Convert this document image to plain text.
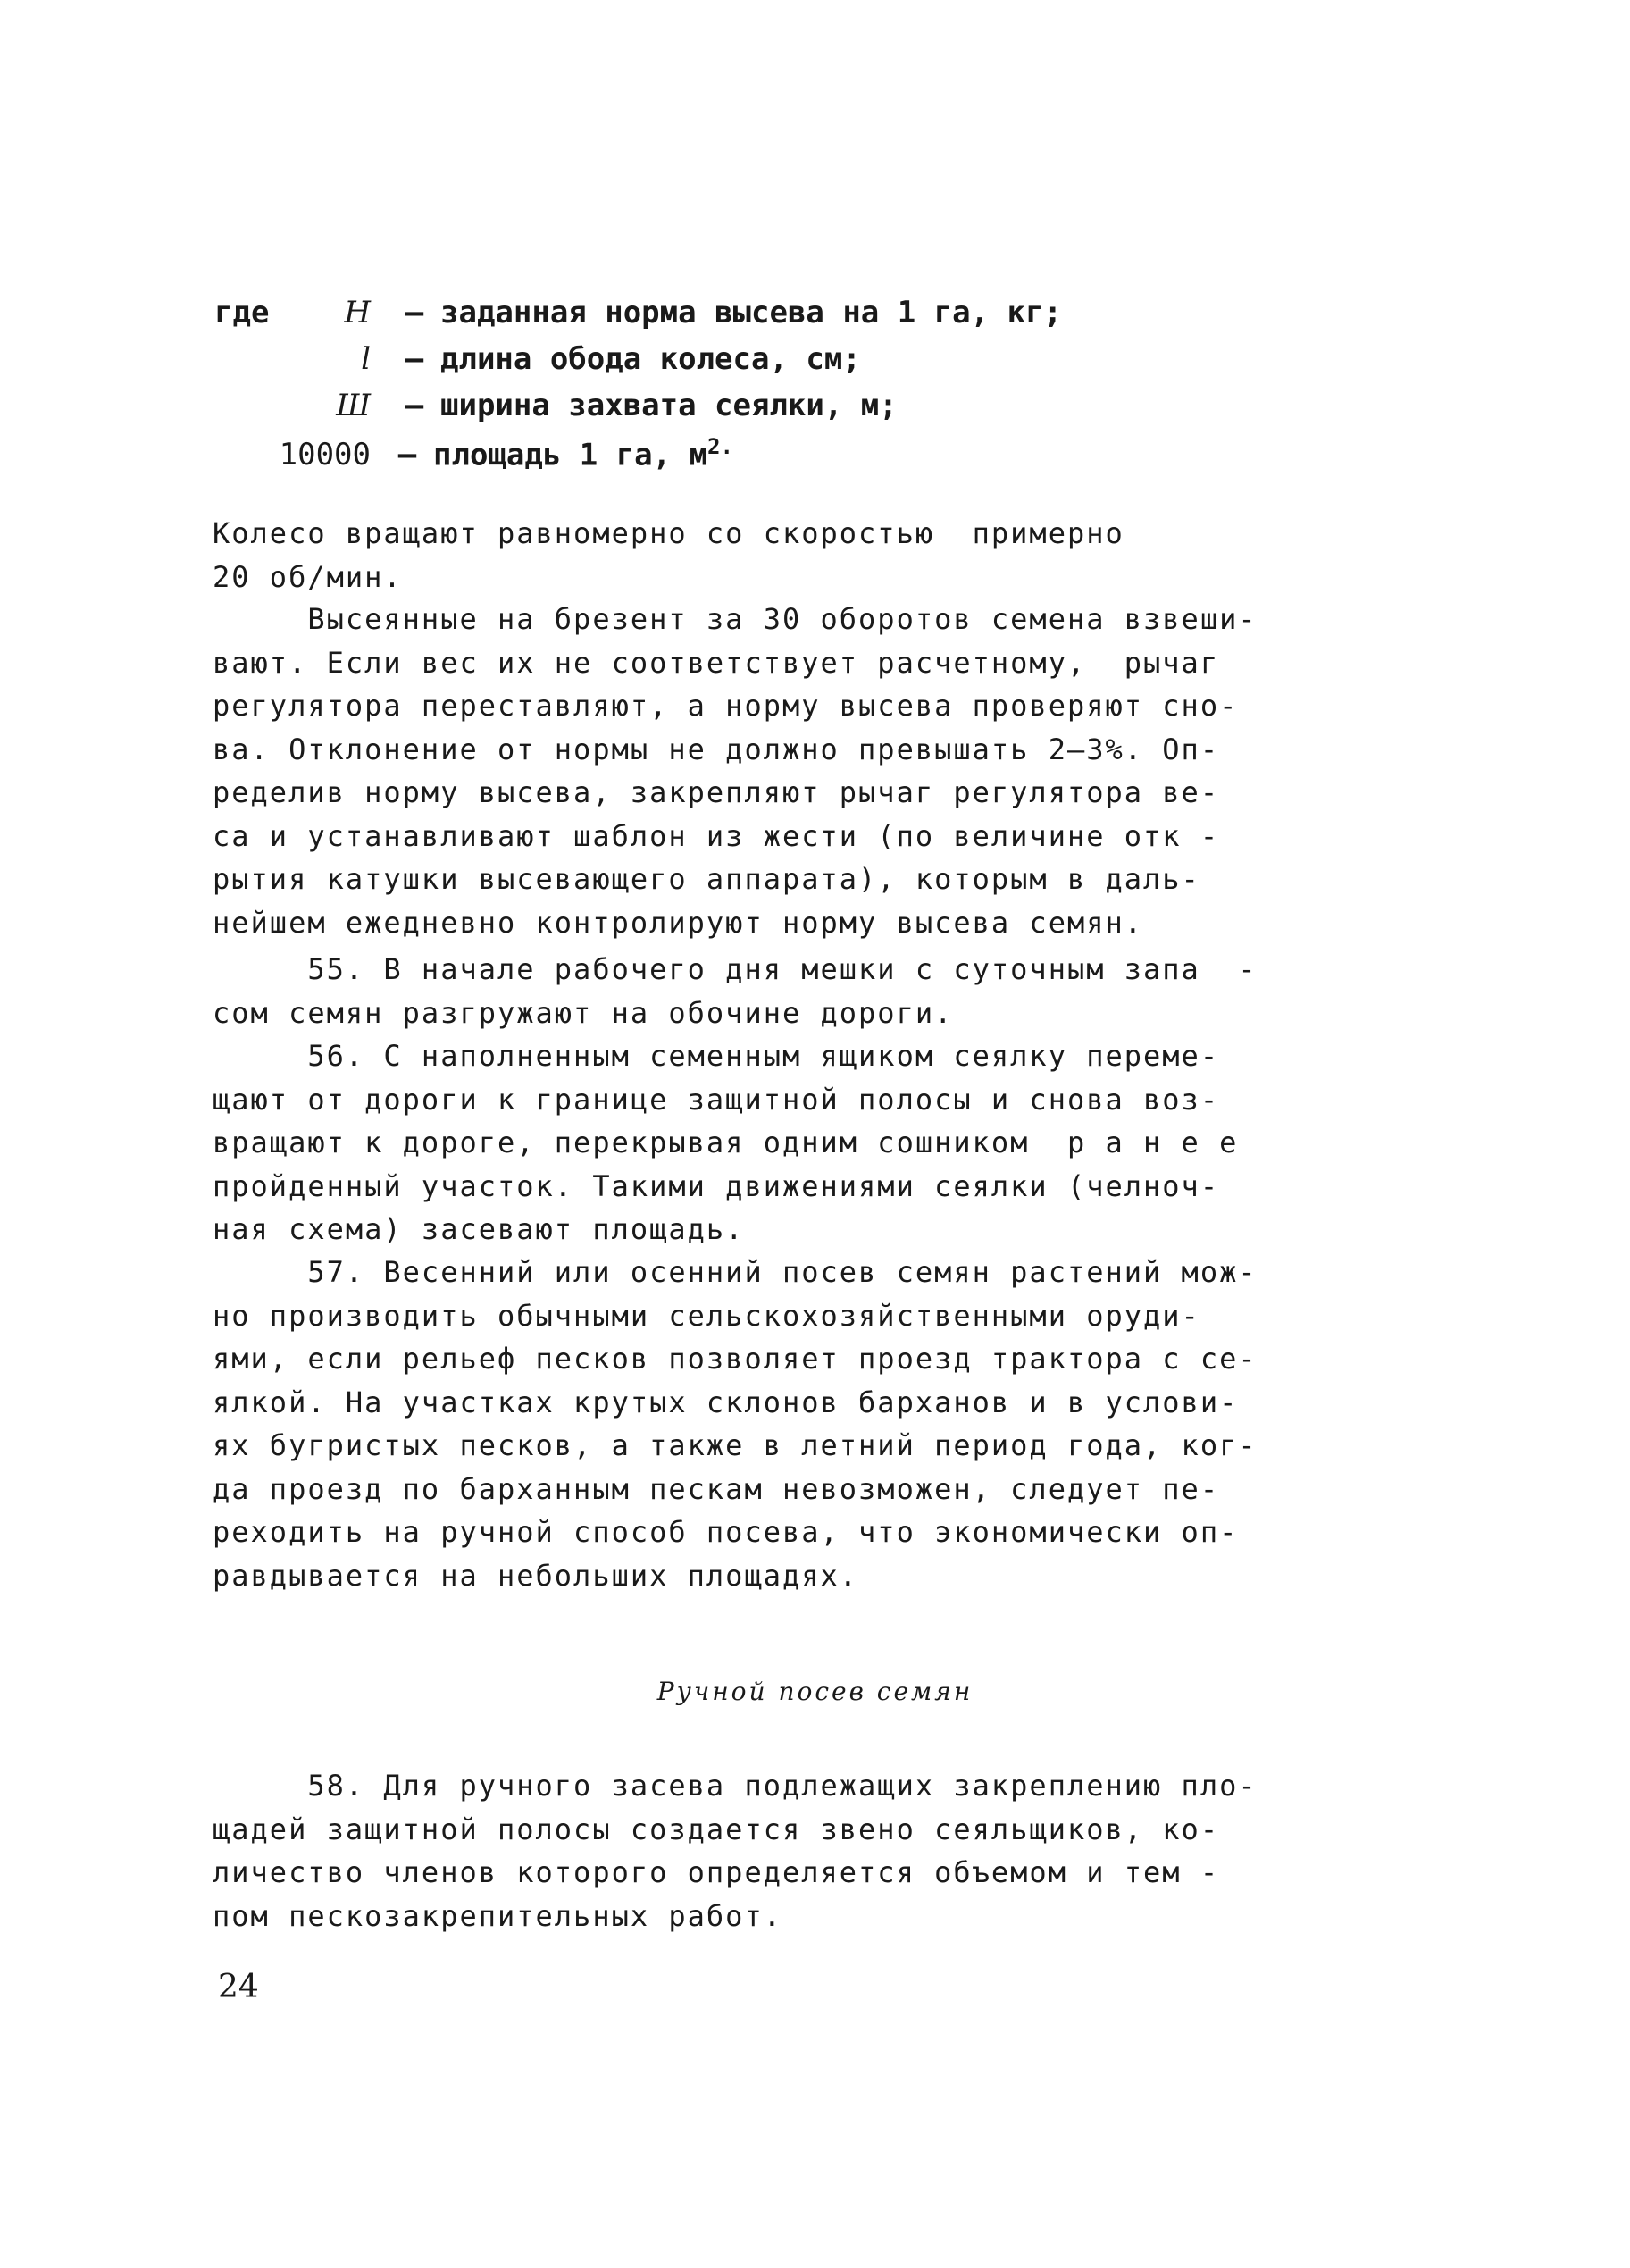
где	Н	– заданная норма высева на 1 га, кг;
l	– длина обода колеса, см;
Ш	– ширина захвата сеялки, м;
10000 – площадь 1 га, $м^{2.}$
Колесо вращают равномерно со скоростью  примерно
20 об/мин.
Высеянные на брезент за 30 оборотов семена взвеши-
вают. Если вес их не соответствует расчетному,  рычаг
регулятора переставляют, а норму высева проверяют сно-
ва. Отклонение от нормы не должно превышать 2–3%. Оп-
ределив норму высева, закрепляют рычаг регулятора ве-
са и устанавливают шаблон из жести (по величине отк -
рытия катушки высевающего аппарата), которым в даль-
нейшем ежедневно контролируют норму высева семян.
55. В начале рабочего дня мешки с суточным запа  -
сом семян разгружают на обочине дороги.
56. С наполненным семенным ящиком сеялку переме-
щают от дороги к границе защитной полосы и снова воз-
вращают к дороге, перекрывая одним сошником  р а н е е
пройденный участок. Такими движениями сеялки (челноч-
ная схема) засевают площадь.
57. Весенний или осенний посев семян растений мож-
но производить обычными сельскохозяйственными оруди-
ями, если рельеф песков позволяет проезд трактора с се-
ялкой. На участках крутых склонов барханов и в услови-
ях бугристых песков, а также в летний период года, ког-
да проезд по барханным пескам невозможен, следует пе-
реходить на ручной способ посева, что экономически оп-
равдывается на небольших площадях.
Ручной посев семян
58. Для ручного засева подлежащих закреплению пло-
щадей защитной полосы создается звено сеяльщиков, ко-
личество членов которого определяется объемом и тем -
пом пескозакрепительных работ.
24
